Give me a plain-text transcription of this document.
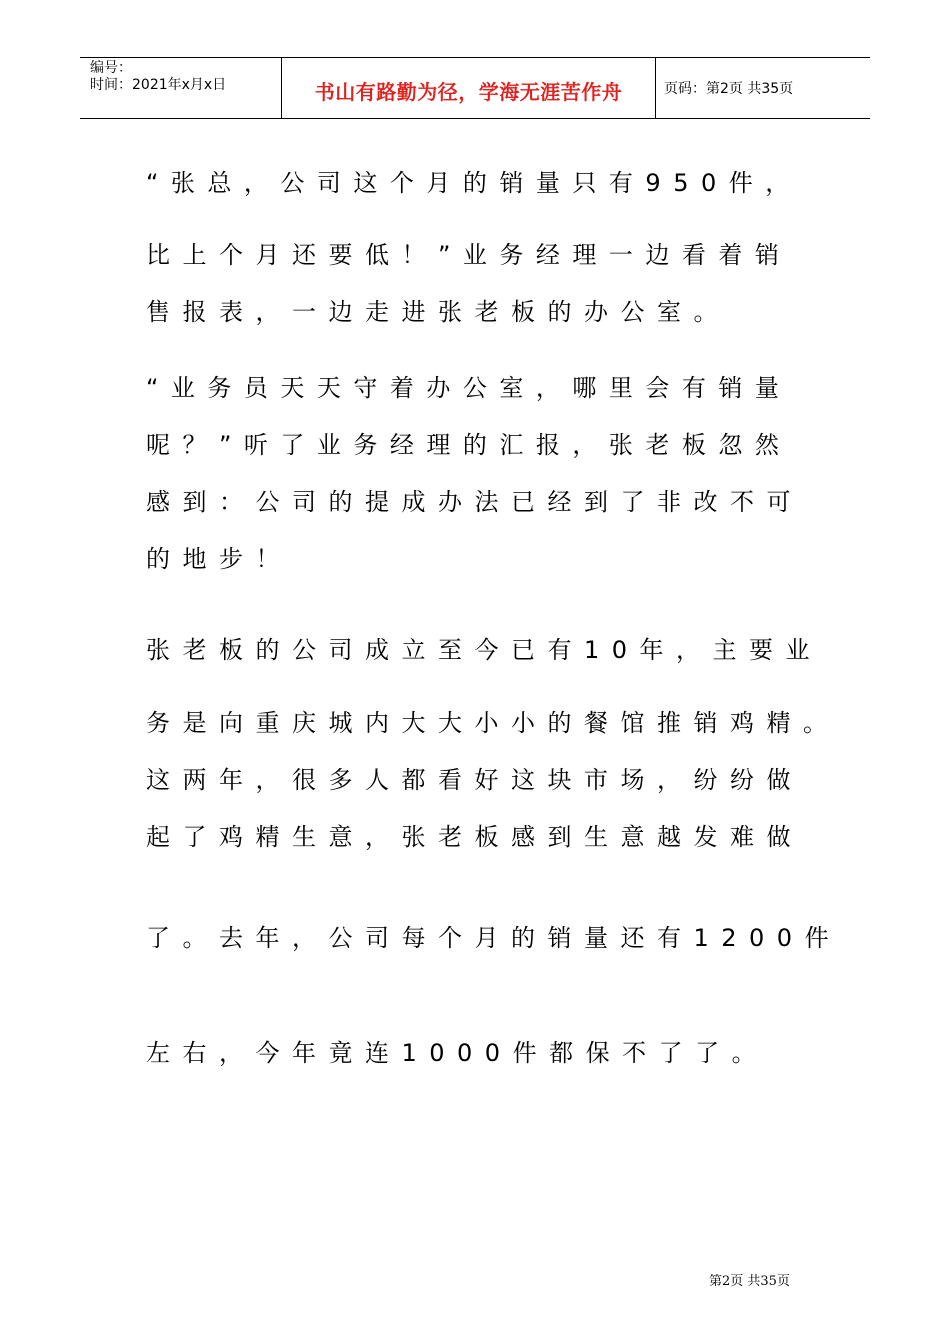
编号：
时间：2021年x月x日	书山有路勤为径，学海无涯苦作舟	页码：第2页 共35页
“张总，公司这个月的销量只有950件，
比上个月还要低！”业务经理一边看着销
售报表，一边走进张老板的办公室。
“业务员天天守着办公室，哪里会有销量
呢？”听了业务经理的汇报，张老板忽然
感到：公司的提成办法已经到了非改不可
的地步！
张老板的公司成立至今已有10年，主要业
务是向重庆城内大大小小的餐馆推销鸡精。
这两年，很多人都看好这块市场，纷纷做
起了鸡精生意，张老板感到生意越发难做
了。去年，公司每个月的销量还有1200件
左右，今年竟连1000件都保不了了。
第2页 共35页
